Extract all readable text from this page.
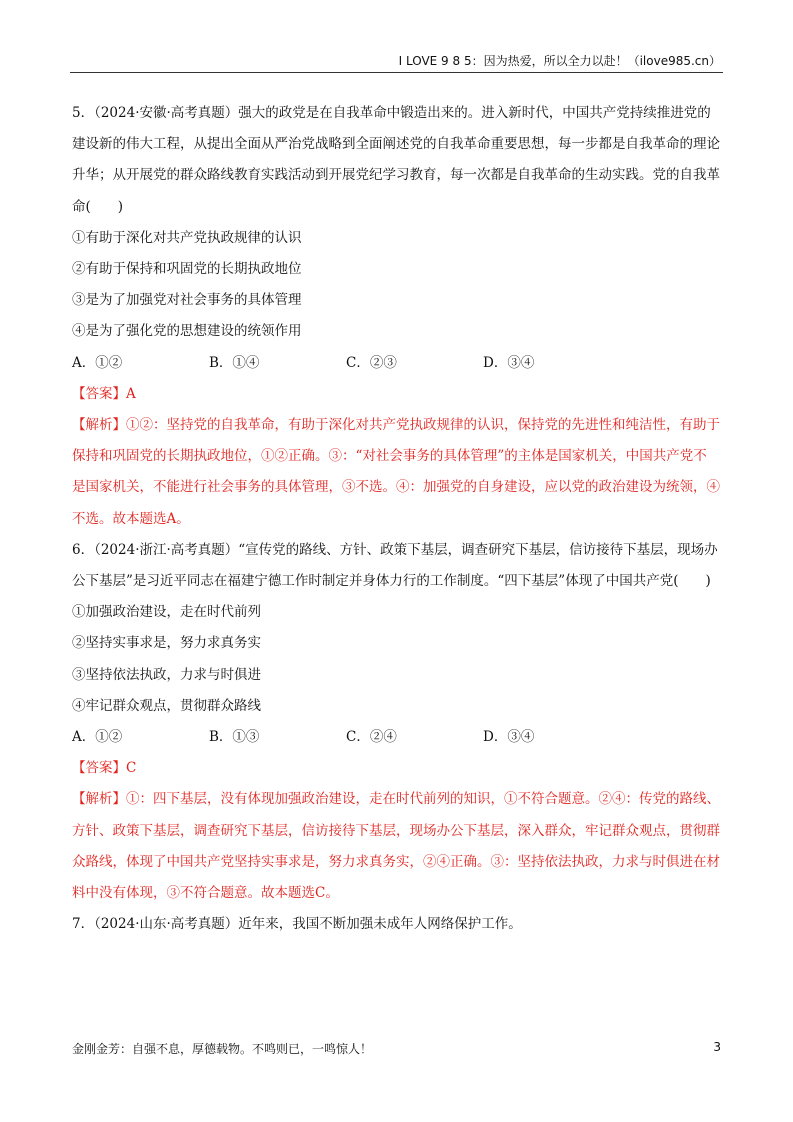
I LOVE 9 8 5：因为热爱，所以全力以赴！（ilove985.cn）

5．（2024·安徽·高考真题）强大的政党是在自我革命中锻造出来的。进入新时代，中国共产党持续推进党的建设新的伟大工程，从提出全面从严治党战略到全面阐述党的自我革命重要思想，每一步都是自我革命的理论升华；从开展党的群众路线教育实践活动到开展党纪学习教育，每一次都是自我革命的生动实践。党的自我革命(　　)

①有助于深化对共产党执政规律的认识

②有助于保持和巩固党的长期执政地位

③是为了加强党对社会事务的具体管理

④是为了强化党的思想建设的统领作用

A．①②	B．①④	C．②③	D．③④

【答案】A

【解析】①②：坚持党的自我革命，有助于深化对共产党执政规律的认识，保持党的先进性和纯洁性，有助于保持和巩固党的长期执政地位，①②正确。③：“对社会事务的具体管理”的主体是国家机关，中国共产党不是国家机关，不能进行社会事务的具体管理，③不选。④：加强党的自身建设，应以党的政治建设为统领，④不选。故本题选A。

6．（2024·浙江·高考真题）“宣传党的路线、方针、政策下基层，调查研究下基层，信访接待下基层，现场办公下基层”是习近平同志在福建宁德工作时制定并身体力行的工作制度。“四下基层”体现了中国共产党(　　)

①加强政治建设，走在时代前列

②坚持实事求是，努力求真务实

③坚持依法执政，力求与时俱进

④牢记群众观点，贯彻群众路线

A．①②	B．①③	C．②④	D．③④

【答案】C

【解析】①：四下基层，没有体现加强政治建设，走在时代前列的知识，①不符合题意。②④：传党的路线、方针、政策下基层，调查研究下基层，信访接待下基层，现场办公下基层，深入群众，牢记群众观点，贯彻群众路线，体现了中国共产党坚持实事求是，努力求真务实，②④正确。③：坚持依法执政，力求与时俱进在材料中没有体现，③不符合题意。故本题选C。

7．（2024·山东·高考真题）近年来，我国不断加强未成年人网络保护工作。

金刚金芳：自强不息，厚德载物。不鸣则已，一鸣惊人！	3
